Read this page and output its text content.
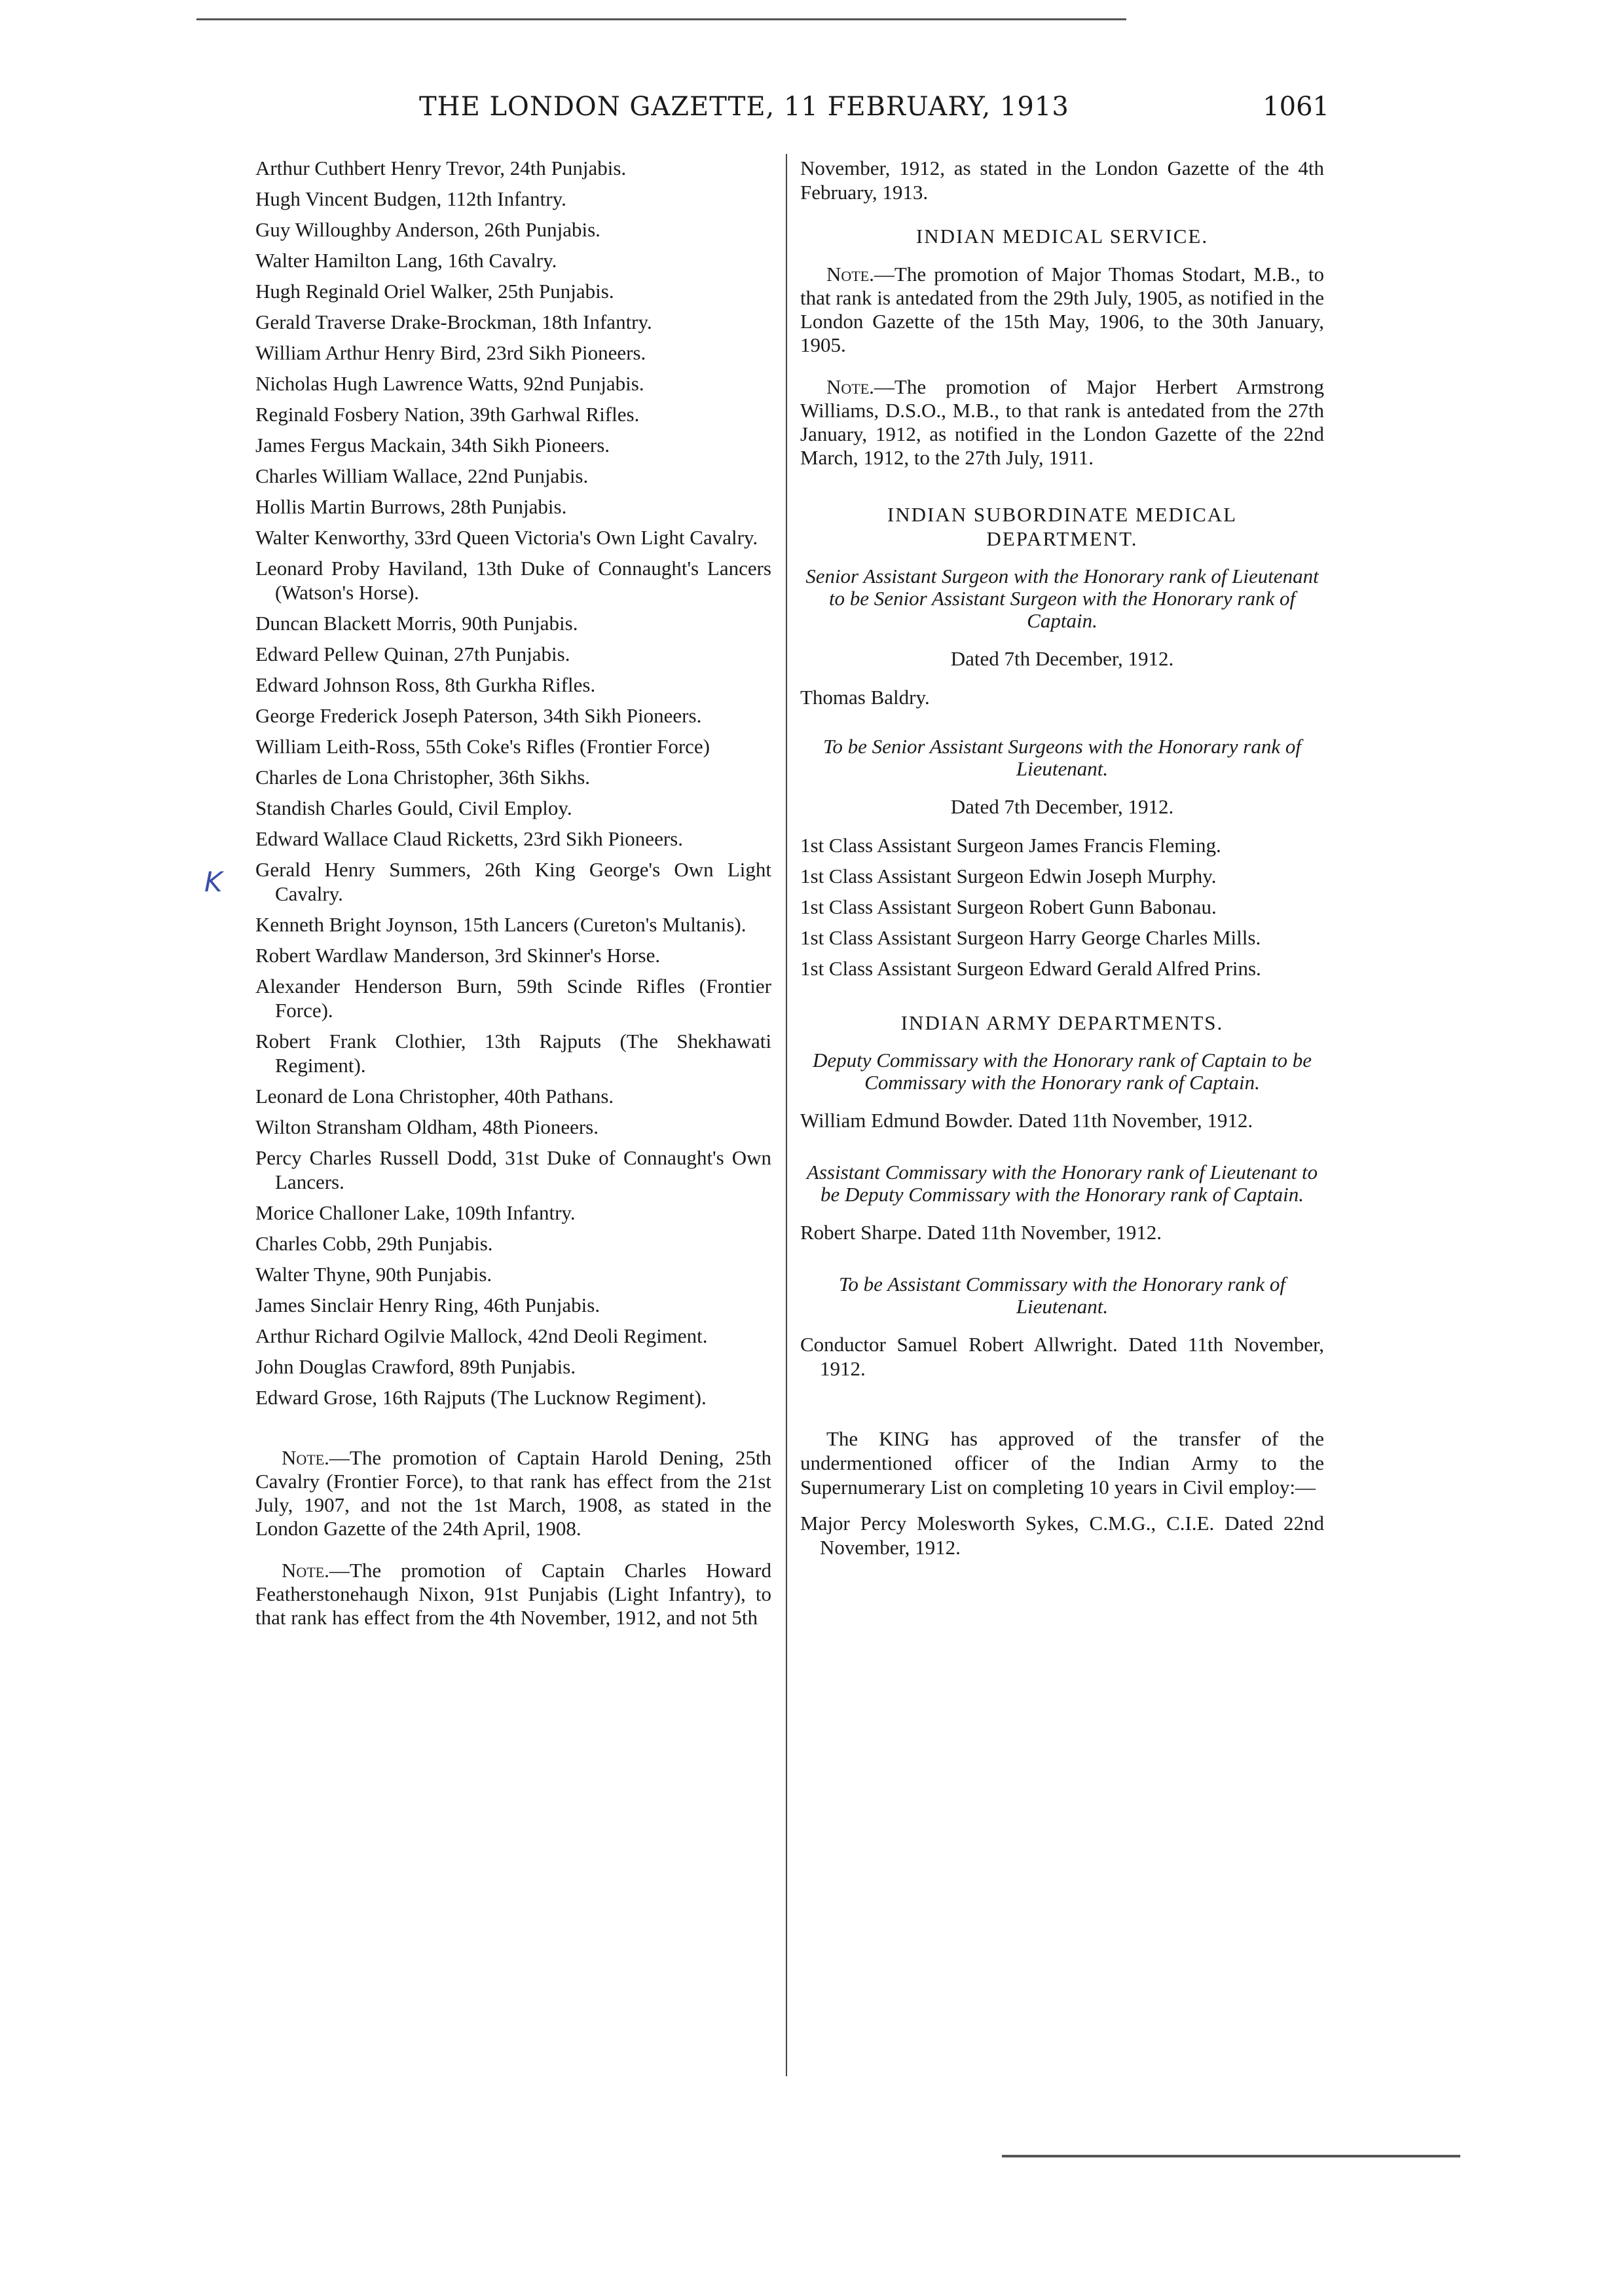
THE LONDON GAZETTE, 11 FEBRUARY, 1913	1061
K

Arthur Cuthbert Henry Trevor, 24th Punjabis.

Hugh Vincent Budgen, 112th Infantry.

Guy Willoughby Anderson, 26th Punjabis.

Walter Hamilton Lang, 16th Cavalry.

Hugh Reginald Oriel Walker, 25th Punjabis.

Gerald Traverse Drake-Brockman, 18th Infantry.

William Arthur Henry Bird, 23rd Sikh Pioneers.

Nicholas Hugh Lawrence Watts, 92nd Punjabis.

Reginald Fosbery Nation, 39th Garhwal Rifles.

James Fergus Mackain, 34th Sikh Pioneers.

Charles William Wallace, 22nd Punjabis.

Hollis Martin Burrows, 28th Punjabis.

Walter Kenworthy, 33rd Queen Victoria's Own Light Cavalry.

Leonard Proby Haviland, 13th Duke of Connaught's Lancers (Watson's Horse).

Duncan Blackett Morris, 90th Punjabis.

Edward Pellew Quinan, 27th Punjabis.

Edward Johnson Ross, 8th Gurkha Rifles.

George Frederick Joseph Paterson, 34th Sikh Pioneers.

William Leith-Ross, 55th Coke's Rifles (Frontier Force)

Charles de Lona Christopher, 36th Sikhs.

Standish Charles Gould, Civil Employ.

Edward Wallace Claud Ricketts, 23rd Sikh Pioneers.

Gerald Henry Summers, 26th King George's Own Light Cavalry.

Kenneth Bright Joynson, 15th Lancers (Cureton's Multanis).

Robert Wardlaw Manderson, 3rd Skinner's Horse.

Alexander Henderson Burn, 59th Scinde Rifles (Frontier Force).

Robert Frank Clothier, 13th Rajputs (The Shekhawati Regiment).

Leonard de Lona Christopher, 40th Pathans.

Wilton Stransham Oldham, 48th Pioneers.

Percy Charles Russell Dodd, 31st Duke of Connaught's Own Lancers.

Morice Challoner Lake, 109th Infantry.

Charles Cobb, 29th Punjabis.

Walter Thyne, 90th Punjabis.

James Sinclair Henry Ring, 46th Punjabis.

Arthur Richard Ogilvie Mallock, 42nd Deoli Regiment.

John Douglas Crawford, 89th Punjabis.

Edward Grose, 16th Rajputs (The Lucknow Regiment).

Note.—The promotion of Captain Harold Dening, 25th Cavalry (Frontier Force), to that rank has effect from the 21st July, 1907, and not the 1st March, 1908, as stated in the London Gazette of the 24th April, 1908.

Note.—The promotion of Captain Charles Howard Featherstonehaugh Nixon, 91st Punjabis (Light Infantry), to that rank has effect from the 4th November, 1912, and not 5th

November, 1912, as stated in the London Gazette of the 4th February, 1913.

INDIAN MEDICAL SERVICE.

Note.—The promotion of Major Thomas Stodart, M.B., to that rank is antedated from the 29th July, 1905, as notified in the London Gazette of the 15th May, 1906, to the 30th January, 1905.

Note.—The promotion of Major Herbert Armstrong Williams, D.S.O., M.B., to that rank is antedated from the 27th January, 1912, as notified in the London Gazette of the 22nd March, 1912, to the 27th July, 1911.

INDIAN SUBORDINATE MEDICAL DEPARTMENT.

Senior Assistant Surgeon with the Honorary rank of Lieutenant to be Senior Assistant Surgeon with the Honorary rank of Captain.

Dated 7th December, 1912.

Thomas Baldry.

To be Senior Assistant Surgeons with the Honorary rank of Lieutenant.

Dated 7th December, 1912.

1st Class Assistant Surgeon James Francis Fleming.

1st Class Assistant Surgeon Edwin Joseph Murphy.

1st Class Assistant Surgeon Robert Gunn Babonau.

1st Class Assistant Surgeon Harry George Charles Mills.

1st Class Assistant Surgeon Edward Gerald Alfred Prins.

INDIAN ARMY DEPARTMENTS.

Deputy Commissary with the Honorary rank of Captain to be Commissary with the Honorary rank of Captain.

William Edmund Bowder. Dated 11th November, 1912.

Assistant Commissary with the Honorary rank of Lieutenant to be Deputy Commissary with the Honorary rank of Captain.

Robert Sharpe. Dated 11th November, 1912.

To be Assistant Commissary with the Honorary rank of Lieutenant.

Conductor Samuel Robert Allwright. Dated 11th November, 1912.

The KING has approved of the transfer of the undermentioned officer of the Indian Army to the Supernumerary List on completing 10 years in Civil employ:—

Major Percy Molesworth Sykes, C.M.G., C.I.E. Dated 22nd November, 1912.
